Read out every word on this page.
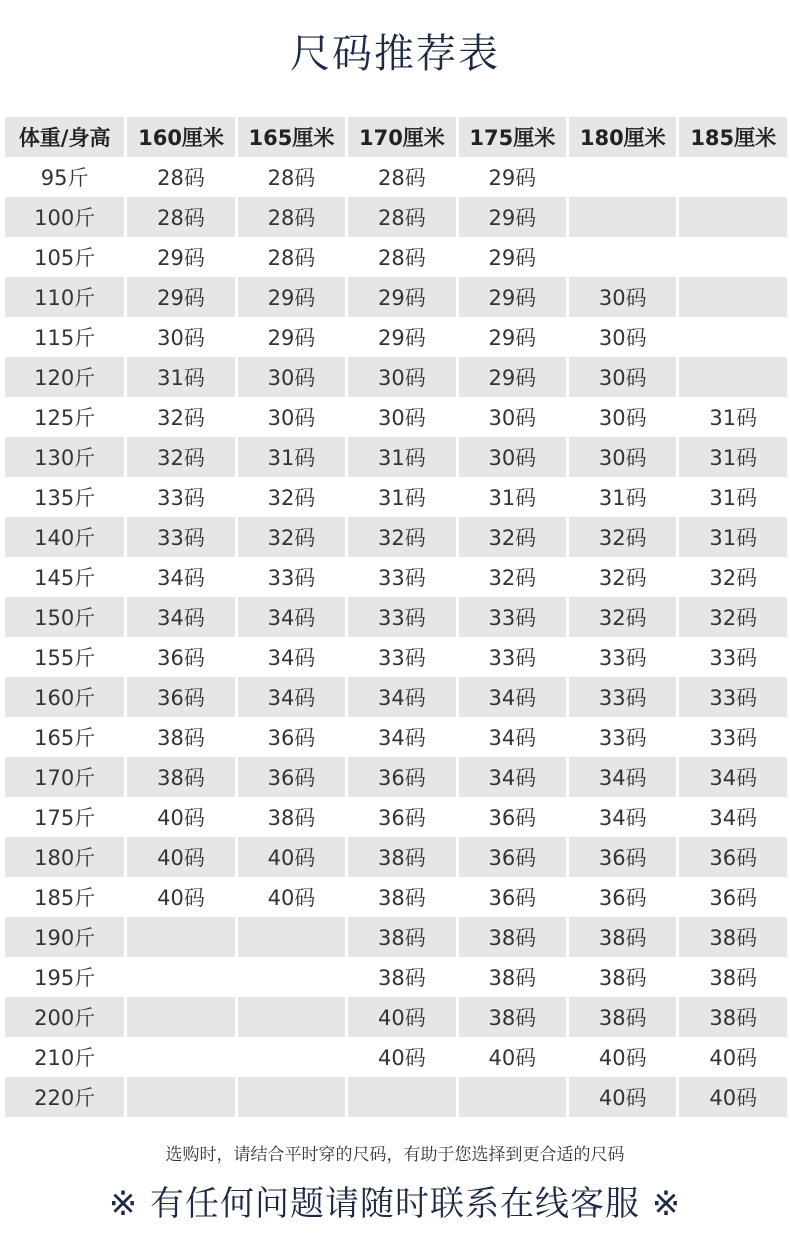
尺码推荐表
体重/身高	160厘米	165厘米	170厘米	175厘米	180厘米	185厘米
95斤	28码	28码	28码	29码		
100斤	28码	28码	28码	29码		
105斤	29码	28码	28码	29码		
110斤	29码	29码	29码	29码	30码	
115斤	30码	29码	29码	29码	30码	
120斤	31码	30码	30码	29码	30码	
125斤	32码	30码	30码	30码	30码	31码
130斤	32码	31码	31码	30码	30码	31码
135斤	33码	32码	31码	31码	31码	31码
140斤	33码	32码	32码	32码	32码	31码
145斤	34码	33码	33码	32码	32码	32码
150斤	34码	34码	33码	33码	32码	32码
155斤	36码	34码	33码	33码	33码	33码
160斤	36码	34码	34码	34码	33码	33码
165斤	38码	36码	34码	34码	33码	33码
170斤	38码	36码	36码	34码	34码	34码
175斤	40码	38码	36码	36码	34码	34码
180斤	40码	40码	38码	36码	36码	36码
185斤	40码	40码	38码	36码	36码	36码
190斤			38码	38码	38码	38码
195斤			38码	38码	38码	38码
200斤			40码	38码	38码	38码
210斤			40码	40码	40码	40码
220斤					40码	40码
选购时，请结合平时穿的尺码，有助于您选择到更合适的尺码
※ 有任何问题请随时联系在线客服 ※
